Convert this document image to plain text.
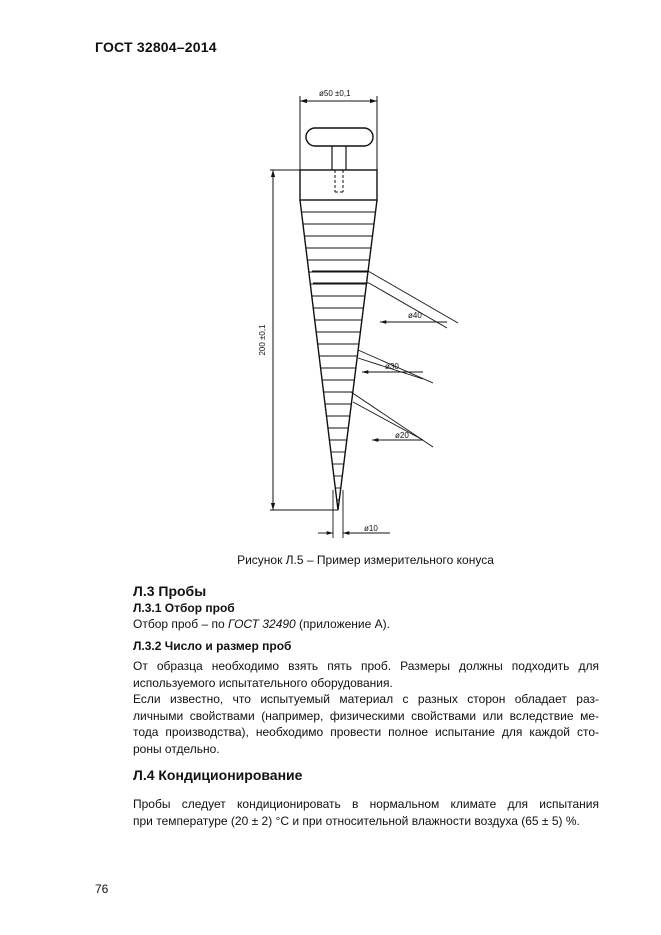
ГОСТ 32804–2014
ø50 ±0,1
200 ±0,1
ø40
ø30
ø20
ø10
Рисунок Л.5 – Пример измерительного конуса
Л.3 Пробы
Л.3.1 Отбор проб
Отбор проб – по ГОСТ 32490 (приложение А).
Л.3.2 Число и размер проб
От образца необходимо взять пять проб. Размеры должны подходить для
используемого испытательного оборудования.
Если известно, что испытуемый материал с разных сторон обладает раз-
личными свойствами (например, физическими свойствами или вследствие ме-
тода производства), необходимо провести полное испытание для каждой сто-
роны отдельно.
Л.4 Кондиционирование
Пробы следует кондиционировать в нормальном климате для испытания
при температуре (20 ± 2) °С и при относительной влажности воздуха (65 ± 5) %.
76
